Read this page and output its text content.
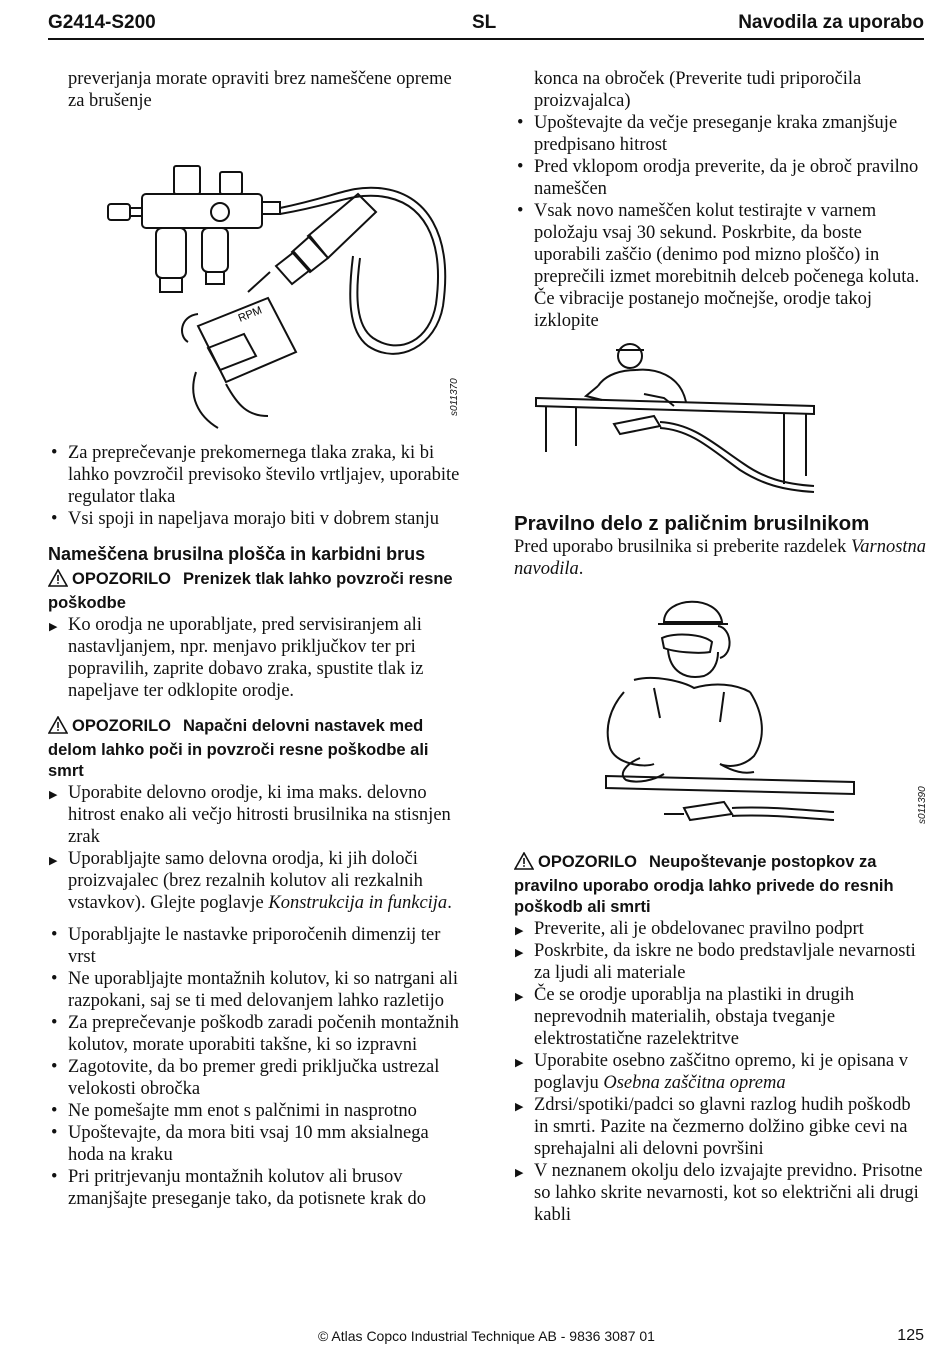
G2414-S200	SL	Navodila za uporabo

preverjanja morate opraviti brez nameščene opreme za brušenje

RPM
s011370
• Za preprečevanje prekomernega tlaka zraka, ki bi lahko povzročil previsoko število vrtljajev, uporabite regulator tlaka
• Vsi spoji in napeljava morajo biti v dobrem stanju
Nameščena brusilna plošča in karbidni brus

OPOZORILO Prenizek tlak lahko povzroči resne poškodbe

▶ Ko orodja ne uporabljate, pred servisiranjem ali nastavljanjem, npr. menjavo priključkov ter pri popravilih, zaprite dobavo zraka, spustite tlak iz napeljave ter odklopite orodje.

OPOZORILO Napačni delovni nastavek med delom lahko poči in povzroči resne poškodbe ali smrt

▶ Uporabite delovno orodje, ki ima maks. delovno hitrost enako ali večjo hitrosti brusilnika na stisnjen zrak
▶ Uporabljajte samo delovna orodja, ki jih določi proizvajalec (brez rezalnih kolutov ali rezkalnih vstavkov). Glejte poglavje Konstrukcija in funkcija.
• Uporabljajte le nastavke priporočenih dimenzij ter vrst
• Ne uporabljajte montažnih kolutov, ki so natrgani ali razpokani, saj se ti med delovanjem lahko razletijo
• Za preprečevanje poškodb zaradi počenih montažnih kolutov, morate uporabiti takšne, ki so izpravni
• Zagotovite, da bo premer gredi priključka ustrezal velokosti obročka
• Ne pomešajte mm enot s palčnimi in nasprotno
• Upoštevajte, da mora biti vsaj 10 mm aksialnega hoda na kraku
• Pri pritrjevanju montažnih kolutov ali brusov zmanjšajte preseganje tako, da potisnete krak do

konca na obroček (Preverite tudi priporočila proizvajalca)

• Upoštevajte da večje preseganje kraka zmanjšuje predpisano hitrost
• Pred vklopom orodja preverite, da je obroč pravilno nameščen
• Vsak novo nameščen kolut testirajte v varnem položaju vsaj 30 sekund. Poskrbite, da boste uporabili zaščio (denimo pod mizno ploščo) in preprečili izmet morebitnih delceb počenega koluta. Če vibracije postanejo močnejše, orodje takoj izklopite
Pravilno delo z paličnim brusilnikom

Pred uporabo brusilnika si preberite razdelek Varnostna navodila.

s011390

OPOZORILO Neupoštevanje postopkov za pravilno uporabo orodja lahko privede do resnih poškodb ali smrti

▶ Preverite, ali je obdelovanec pravilno podprt
▶ Poskrbite, da iskre ne bodo predstavljale nevarnosti za ljudi ali materiale
▶ Če se orodje uporablja na plastiki in drugih neprevodnih materialih, obstaja tveganje elektrostatične razelektritve
▶ Uporabite osebno zaščitno opremo, ki je opisana v poglavju Osebna zaščitna oprema
▶ Zdrsi/spotiki/padci so glavni razlog hudih poškodb in smrti. Pazite na čezmerno dolžino gibke cevi na sprehajalni ali delovni površini
▶ V neznanem okolju delo izvajajte previdno. Prisotne so lahko skrite nevarnosti, kot so električni ali drugi kabli
© Atlas Copco Industrial Technique AB - 9836 3087 01	125
